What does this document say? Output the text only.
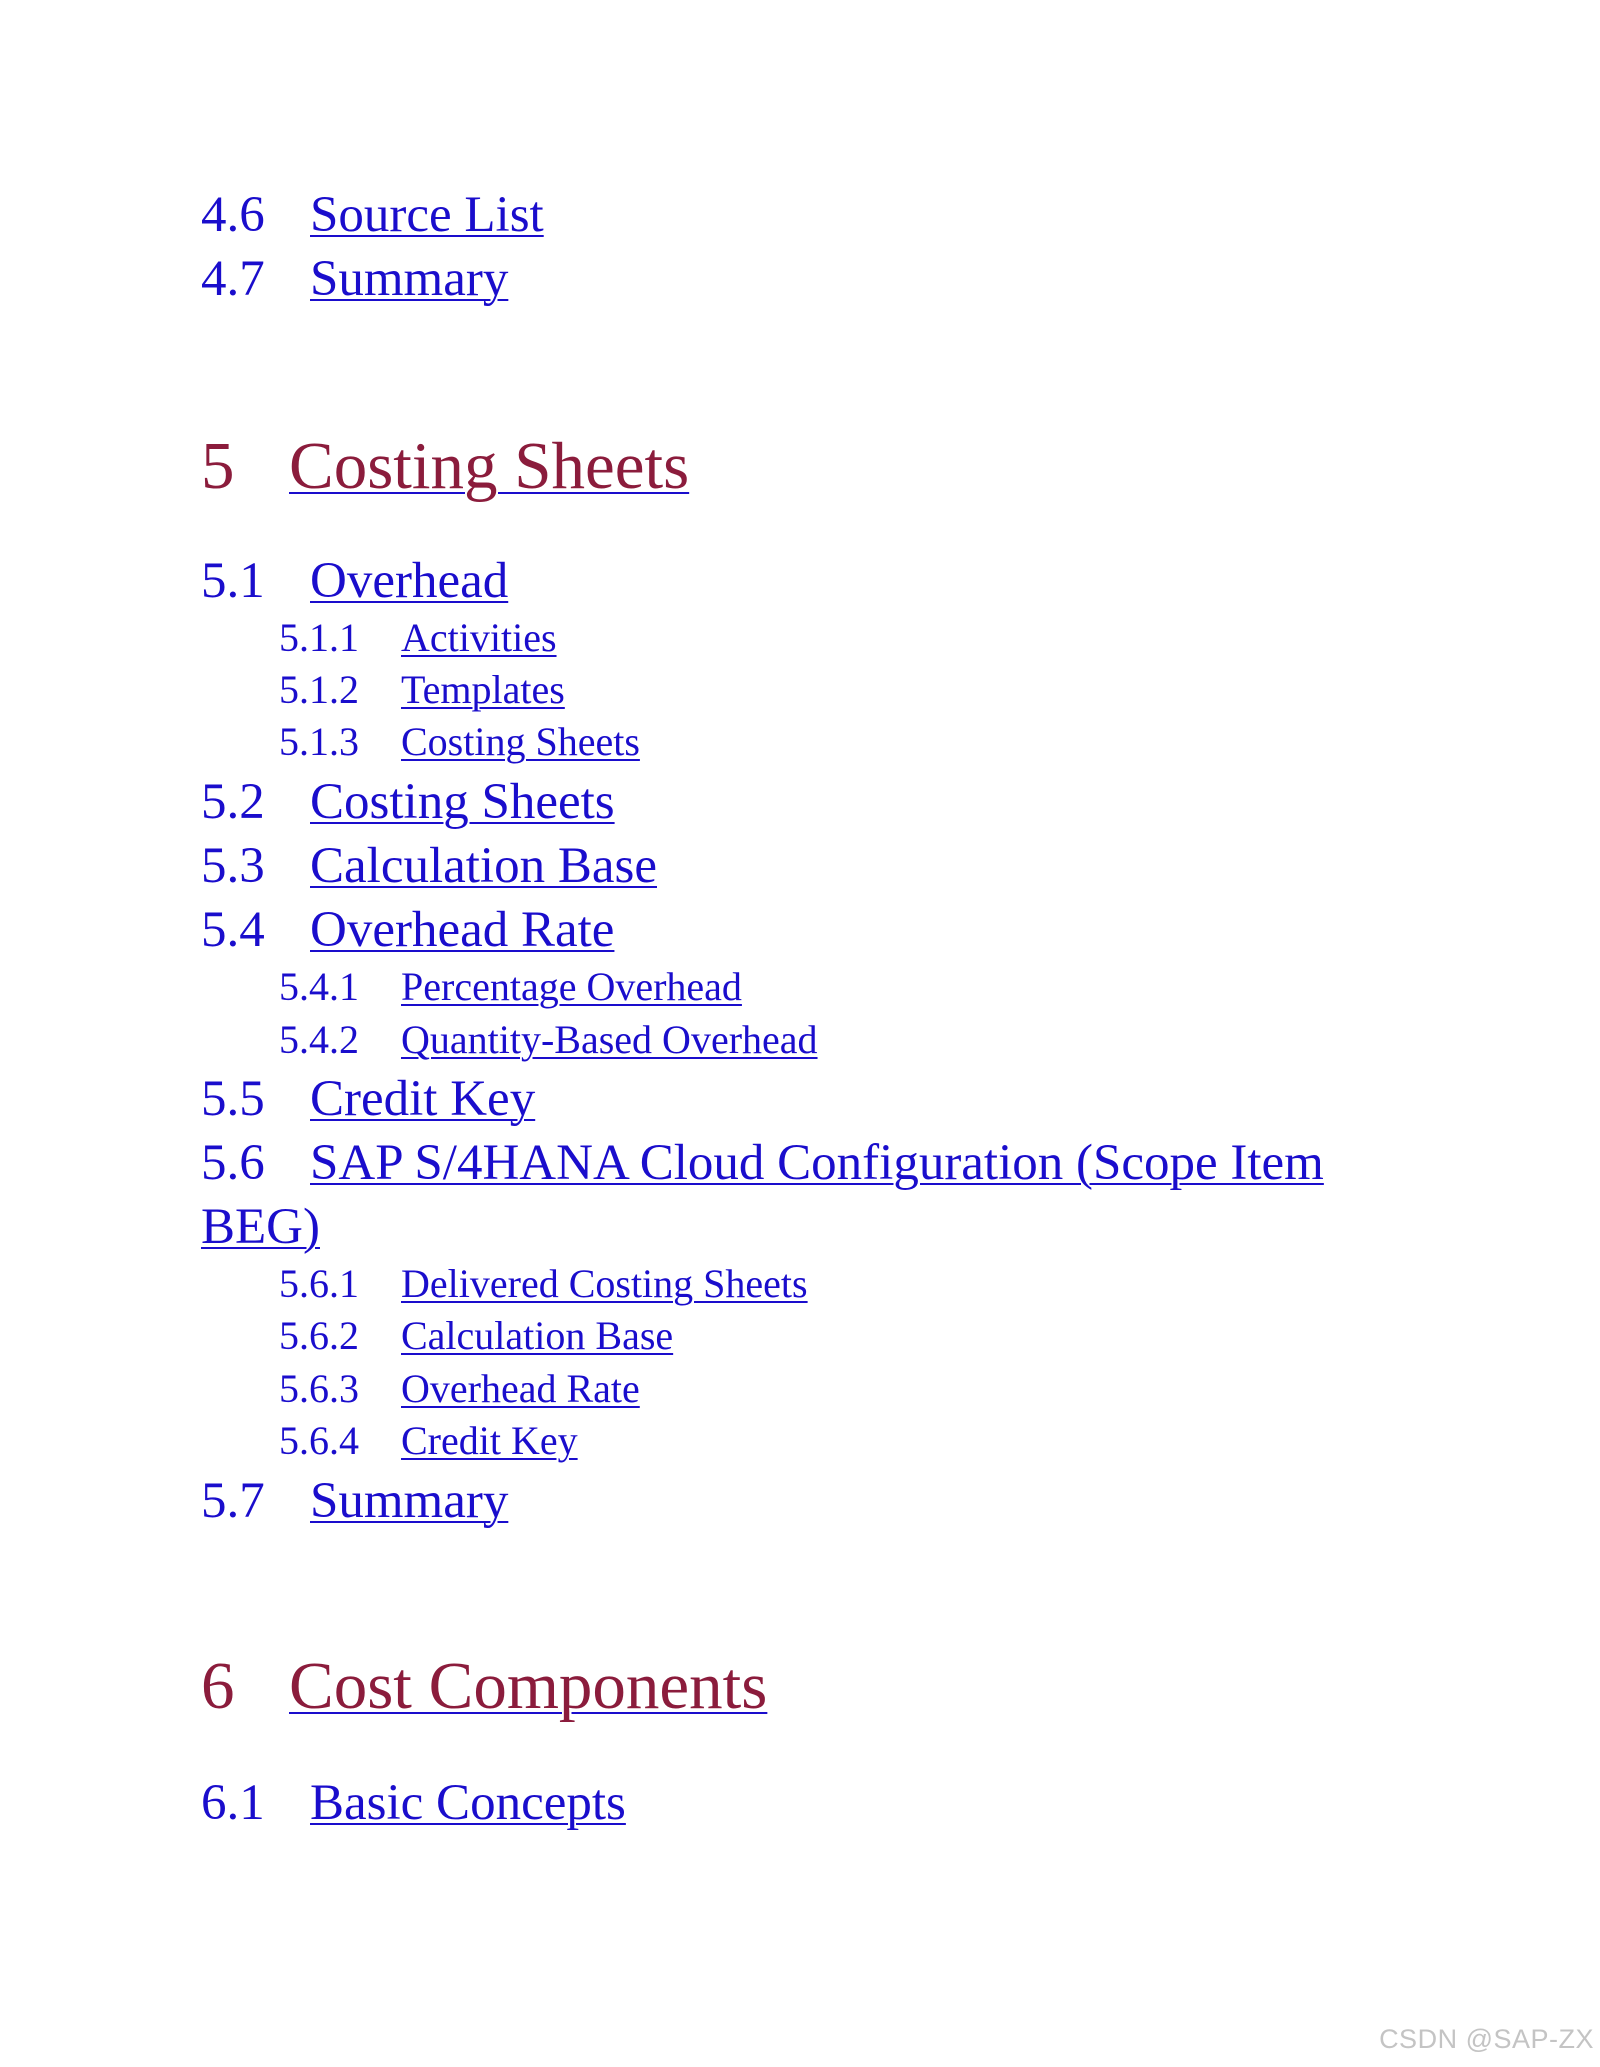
4.6 Source List
4.7 Summary
5 Costing Sheets
5.1 Overhead
5.1.1 Activities
5.1.2 Templates
5.1.3 Costing Sheets
5.2 Costing Sheets
5.3 Calculation Base
5.4 Overhead Rate
5.4.1 Percentage Overhead
5.4.2 Quantity-Based Overhead
5.5 Credit Key
5.6 SAP S/4HANA Cloud Configuration (Scope Item
BEG)
5.6.1 Delivered Costing Sheets
5.6.2 Calculation Base
5.6.3 Overhead Rate
5.6.4 Credit Key
5.7 Summary
6 Cost Components
6.1 Basic Concepts
CSDN @SAP-ZX
